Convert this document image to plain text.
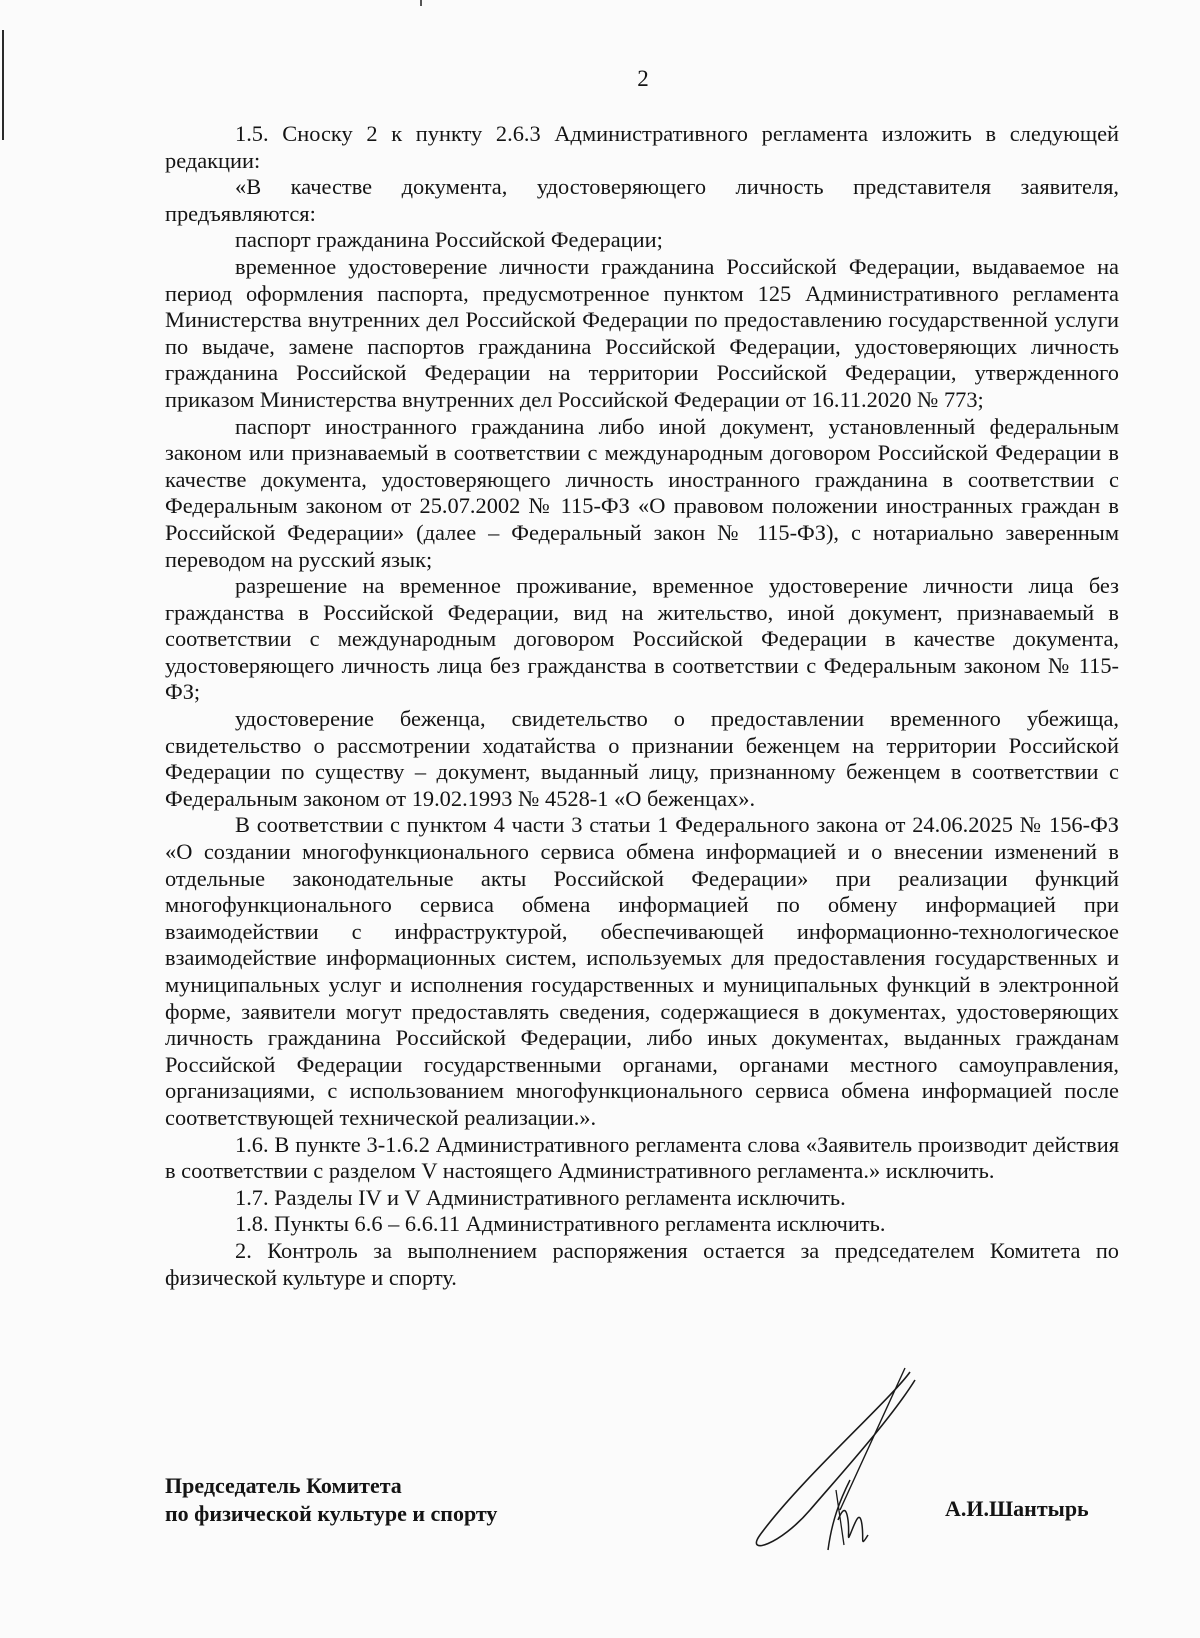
2

1.5. Сноску 2 к пункту 2.6.3 Административного регламента изложить в следующей редакции:

«В качестве документа, удостоверяющего личность представителя заявителя, предъявляются:

паспорт гражданина Российской Федерации;

временное удостоверение личности гражданина Российской Федерации, выдаваемое на период оформления паспорта, предусмотренное пунктом 125 Административного регламента Министерства внутренних дел Российской Федерации по предоставлению государственной услуги по выдаче, замене паспортов гражданина Российской Федерации, удостоверяющих личность гражданина Российской Федерации на территории Российской Федерации, утвержденного приказом Министерства внутренних дел Российской Федерации от 16.11.2020 № 773;

паспорт иностранного гражданина либо иной документ, установленный федеральным законом или признаваемый в соответствии с международным договором Российской Федерации в качестве документа, удостоверяющего личность иностранного гражданина в соответствии с Федеральным законом от 25.07.2002 № 115-ФЗ «О правовом положении иностранных граждан в Российской Федерации» (далее – Федеральный закон № 115-ФЗ), с нотариально заверенным переводом на русский язык;

разрешение на временное проживание, временное удостоверение личности лица без гражданства в Российской Федерации, вид на жительство, иной документ, признаваемый в соответствии с международным договором Российской Федерации в качестве документа, удостоверяющего личность лица без гражданства в соответствии с Федеральным законом № 115-ФЗ;

удостоверение беженца, свидетельство о предоставлении временного убежища, свидетельство о рассмотрении ходатайства о признании беженцем на территории Российской Федерации по существу – документ, выданный лицу, признанному беженцем в соответствии с Федеральным законом от 19.02.1993 № 4528-1 «О беженцах».

В соответствии с пунктом 4 части 3 статьи 1 Федерального закона от 24.06.2025 № 156-ФЗ «О создании многофункционального сервиса обмена информацией и о внесении изменений в отдельные законодательные акты Российской Федерации» при реализации функций многофункционального сервиса обмена информацией по обмену информацией при взаимодействии с инфраструктурой, обеспечивающей информационно-технологическое взаимодействие информационных систем, используемых для предоставления государственных и муниципальных услуг и исполнения государственных и муниципальных функций в электронной форме, заявители могут предоставлять сведения, содержащиеся в документах, удостоверяющих личность гражданина Российской Федерации, либо иных документах, выданных гражданам Российской Федерации государственными органами, органами местного самоуправления, организациями, с использованием многофункционального сервиса обмена информацией после соответствующей технической реализации.».

1.6. В пункте 3-1.6.2 Административного регламента слова «Заявитель производит действия в соответствии с разделом V настоящего Административного регламента.» исключить.

1.7. Разделы IV и V Административного регламента исключить.

1.8. Пункты 6.6 – 6.6.11 Административного регламента исключить.

2. Контроль за выполнением распоряжения остается за председателем Комитета по физической культуре и спорту.

Председатель Комитета
по физической культуре и спорту	А.И.Шантырь
